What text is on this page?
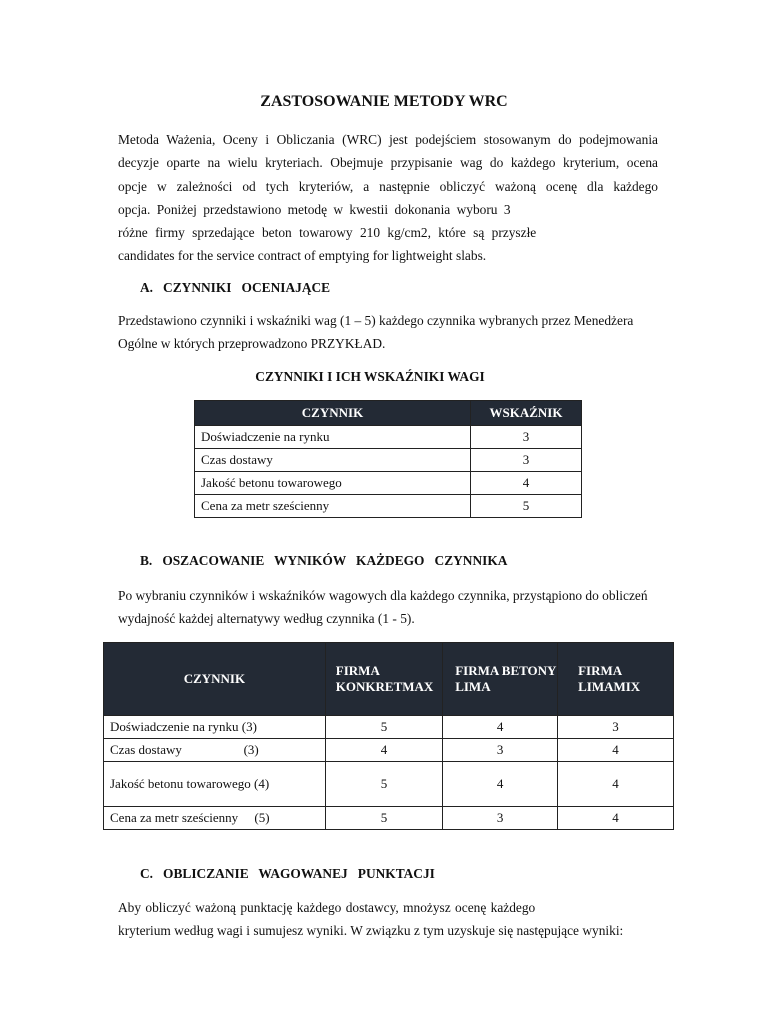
ZASTOSOWANIE METODY WRC
Metoda Ważenia, Oceny i Obliczania (WRC) jest podejściem stosowanym do podejmowania
decyzje oparte na wielu kryteriach. Obejmuje przypisanie wag do każdego kryterium, ocena
opcje w zależności od tych kryteriów, a następnie obliczyć ważoną ocenę dla każdego
opcja. Poniżej przedstawiono metodę w kwestii dokonania wyboru 3
różne firmy sprzedające beton towarowy 210 kg/cm2, które są przyszłe
candidates for the service contract of emptying for lightweight slabs.
A.   CZYNNIKI   OCENIAJĄCE
Przedstawiono czynniki i wskaźniki wag (1 – 5) każdego czynnika wybranych przez Menedżera
Ogólne w których przeprowadzono PRZYKŁAD.
CZYNNIKI I ICH WSKAŹNIKI WAGI
CZYNNIK	WSKAŹNIK
Doświadczenie na rynku	3
Czas dostawy	3
Jakość betonu towarowego	4
Cena za metr sześcienny	5
B.   OSZACOWANIE   WYNIKÓW   KAŻDEGO   CZYNNIKA
Po wybraniu czynników i wskaźników wagowych dla każdego czynnika, przystąpiono do obliczeń
wydajność każdej alternatywy według czynnika (1 - 5).
CZYNNIK	FIRMA KONKRETMAX	FIRMA BETONY LIMA	FIRMA LIMAMIX
Doświadczenie na rynku (3)	5	4	3
Czas dostawy                   (3)	4	3	4
Jakość betonu towarowego (4)	5	4	4
Cena za metr sześcienny     (5)	5	3	4
C.   OBLICZANIE   WAGOWANEJ   PUNKTACJI
Aby obliczyć ważoną punktację każdego dostawcy, mnożysz ocenę każdego
kryterium według wagi i sumujesz wyniki. W związku z tym uzyskuje się następujące wyniki:
